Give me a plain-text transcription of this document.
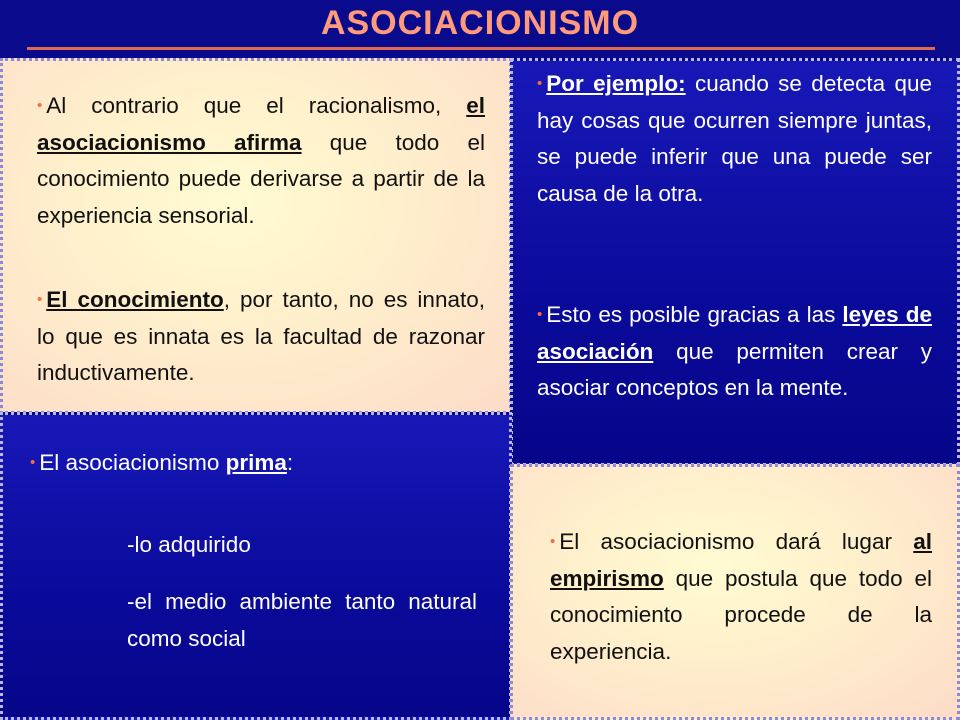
ASOCIACIONISMO

• Al contrario que el racionalismo, el asociacionismo afirma que todo el conocimiento puede derivarse a partir de la experiencia sensorial.

• El conocimiento, por tanto, no es innato, lo que es innata es la facultad de razonar inductivamente.

• Por ejemplo: cuando se detecta que hay cosas que ocurren siempre juntas, se puede inferir que una puede ser causa de la otra.

• Esto es posible gracias a las leyes de asociación que permiten crear y asociar conceptos en la mente.

• El asociacionismo prima:

-lo adquirido

-el medio ambiente tanto natural como social

• El asociacionismo dará lugar al empirismo que postula que todo el conocimiento procede de la experiencia.
